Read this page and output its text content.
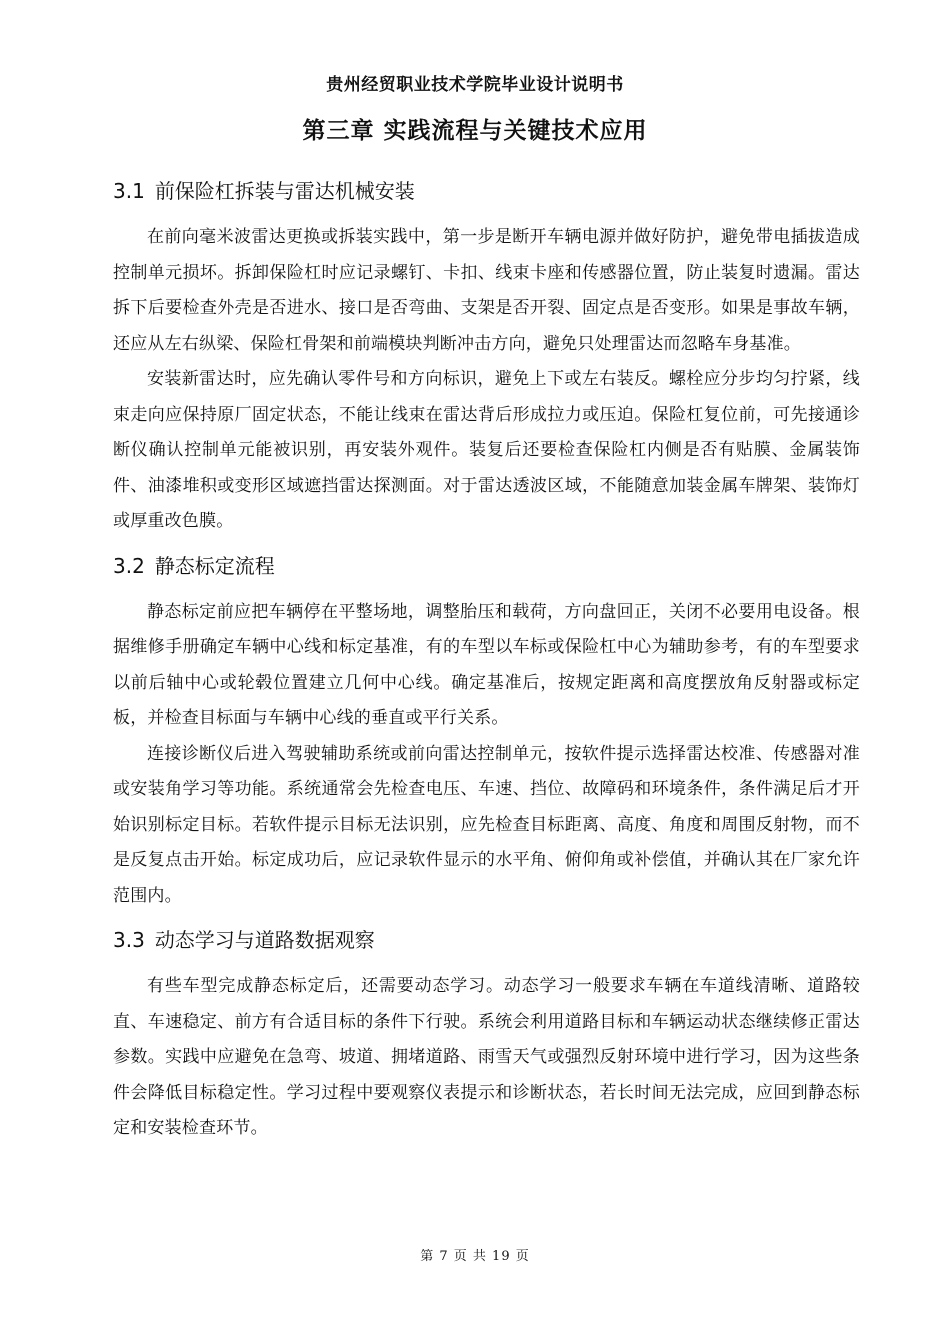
贵州经贸职业技术学院毕业设计说明书
第三章 实践流程与关键技术应用
3.1 前保险杠拆装与雷达机械安装

在前向毫米波雷达更换或拆装实践中，第一步是断开车辆电源并做好防护，避免带电插拔造成控制单元损坏。拆卸保险杠时应记录螺钉、卡扣、线束卡座和传感器位置，防止装复时遗漏。雷达拆下后要检查外壳是否进水、接口是否弯曲、支架是否开裂、固定点是否变形。如果是事故车辆，还应从左右纵梁、保险杠骨架和前端模块判断冲击方向，避免只处理雷达而忽略车身基准。

安装新雷达时，应先确认零件号和方向标识，避免上下或左右装反。螺栓应分步均匀拧紧，线束走向应保持原厂固定状态，不能让线束在雷达背后形成拉力或压迫。保险杠复位前，可先接通诊断仪确认控制单元能被识别，再安装外观件。装复后还要检查保险杠内侧是否有贴膜、金属装饰件、油漆堆积或变形区域遮挡雷达探测面。对于雷达透波区域，不能随意加装金属车牌架、装饰灯或厚重改色膜。

3.2 静态标定流程

静态标定前应把车辆停在平整场地，调整胎压和载荷，方向盘回正，关闭不必要用电设备。根据维修手册确定车辆中心线和标定基准，有的车型以车标或保险杠中心为辅助参考，有的车型要求以前后轴中心或轮毂位置建立几何中心线。确定基准后，按规定距离和高度摆放角反射器或标定板，并检查目标面与车辆中心线的垂直或平行关系。

连接诊断仪后进入驾驶辅助系统或前向雷达控制单元，按软件提示选择雷达校准、传感器对准或安装角学习等功能。系统通常会先检查电压、车速、挡位、故障码和环境条件，条件满足后才开始识别标定目标。若软件提示目标无法识别，应先检查目标距离、高度、角度和周围反射物，而不是反复点击开始。标定成功后，应记录软件显示的水平角、俯仰角或补偿值，并确认其在厂家允许范围内。

3.3 动态学习与道路数据观察

有些车型完成静态标定后，还需要动态学习。动态学习一般要求车辆在车道线清晰、道路较直、车速稳定、前方有合适目标的条件下行驶。系统会利用道路目标和车辆运动状态继续修正雷达参数。实践中应避免在急弯、坡道、拥堵道路、雨雪天气或强烈反射环境中进行学习，因为这些条件会降低目标稳定性。学习过程中要观察仪表提示和诊断状态，若长时间无法完成，应回到静态标定和安装检查环节。

第 7 页 共 19 页
